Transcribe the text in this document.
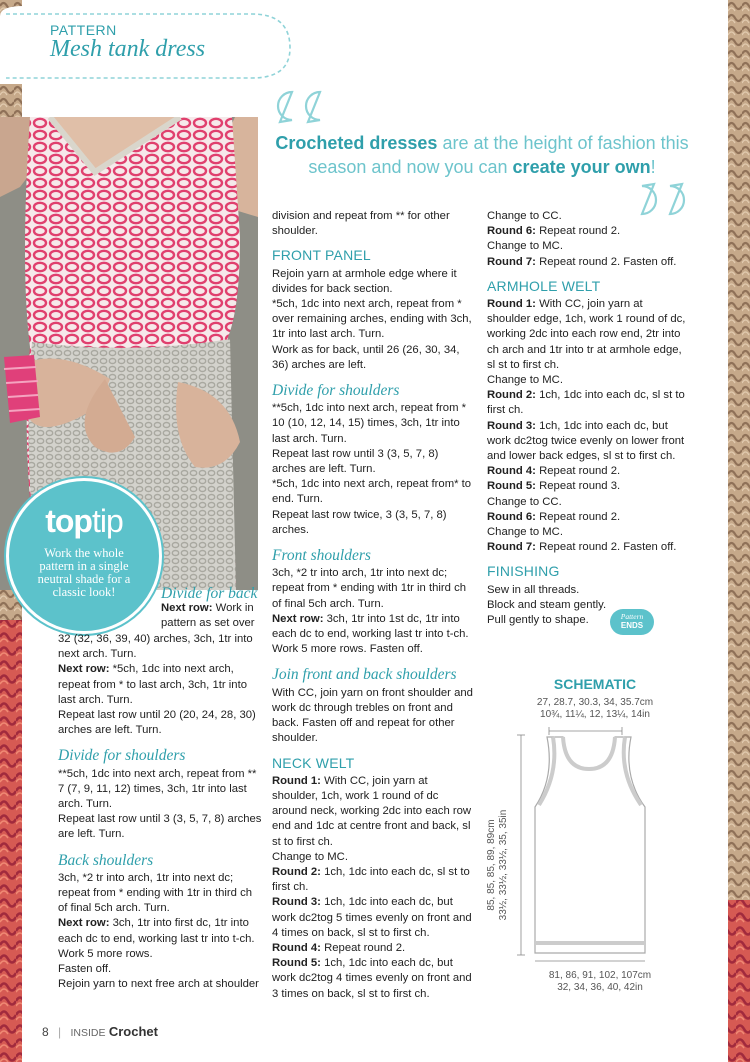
PATTERN
Mesh tank dress
Crocheted dresses are at the height of fashion this
season and now you can create your own!
toptip
Work the whole pattern in a single neutral shade for a classic look!	Divide for back

Next row: Work in

pattern as set over

32 (32, 36, 39, 40) arches, 3ch, 1tr into

next arch. Turn.

Next row: *5ch, 1dc into next arch, repeat from * to last arch, 3ch, 1tr into last arch. Turn.

Repeat last row until 20 (20, 24, 28, 30) arches are left. Turn.

Divide for shoulders

**5ch, 1dc into next arch, repeat from ** 7 (7, 9, 11, 12) times, 3ch, 1tr into last arch. Turn.

Repeat last row until 3 (3, 5, 7, 8) arches are left. Turn.

Back shoulders

3ch, *2 tr into arch, 1tr into next dc; repeat from * ending with 1tr in third ch of final 5ch arch. Turn.

Next row: 3ch, 1tr into first dc, 1tr into each dc to end, working last tr into t-ch.

Work 5 more rows.

Fasten off.

Rejoin yarn to next free arch at shoulder

division and repeat from ** for other shoulder.

FRONT PANEL

Rejoin yarn at armhole edge where it divides for back section.

*5ch, 1dc into next arch, repeat from * over remaining arches, ending with 3ch, 1tr into last arch. Turn.

Work as for back, until 26 (26, 30, 34, 36) arches are left.

Divide for shoulders

**5ch, 1dc into next arch, repeat from * 10 (10, 12, 14, 15) times, 3ch, 1tr into last arch. Turn.

Repeat last row until 3 (3, 5, 7, 8) arches are left. Turn.

*5ch, 1dc into next arch, repeat from* to end. Turn.

Repeat last row twice, 3 (3, 5, 7, 8) arches.

Front shoulders

3ch, *2 tr into arch, 1tr into next dc; repeat from * ending with 1tr in third ch of final 5ch arch. Turn.

Next row: 3ch, 1tr into 1st dc, 1tr into each dc to end, working last tr into t-ch.

Work 5 more rows. Fasten off.

Join front and back shoulders

With CC, join yarn on front shoulder and work dc through trebles on front and back. Fasten off and repeat for other shoulder.

NECK WELT

Round 1: With CC, join yarn at shoulder, 1ch, work 1 round of dc around neck, working 2dc into each row end and 1dc at centre front and back, sl st to first ch.

Change to MC.

Round 2: 1ch, 1dc into each dc, sl st to first ch.

Round 3: 1ch, 1dc into each dc, but work dc2tog 5 times evenly on front and 4 times on back, sl st to first ch.

Round 4: Repeat round 2.

Round 5: 1ch, 1dc into each dc, but work dc2tog 4 times evenly on front and 3 times on back, sl st to first ch.

Change to CC.

Round 6: Repeat round 2.

Change to MC.

Round 7: Repeat round 2. Fasten off.

ARMHOLE WELT

Round 1: With CC, join yarn at shoulder edge, 1ch, work 1 round of dc, working 2dc into each row end, 2tr into ch arch and 1tr into tr at armhole edge, sl st to first ch.

Change to MC.

Round 2: 1ch, 1dc into each dc, sl st to first ch.

Round 3: 1ch, 1dc into each dc, but work dc2tog twice evenly on lower front and lower back edges, sl st to first ch.

Round 4: Repeat round 2.

Round 5: Repeat round 3.

Change to CC.

Round 6: Repeat round 2.

Change to MC.

Round 7: Repeat round 2. Fasten off.

FINISHING

Sew in all threads.

Block and steam gently.

Pull gently to shape.	Pattern
ENDS
SCHEMATIC
27, 28.7, 30.3, 34, 35.7cm
10¾, 11¼, 12, 13¼, 14in
85, 85, 85, 89, 89cm 33½, 33½, 33½, 35, 35in
81, 86, 91, 102, 107cm
32, 34, 36, 40, 42in
8 | INSIDE Crochet
